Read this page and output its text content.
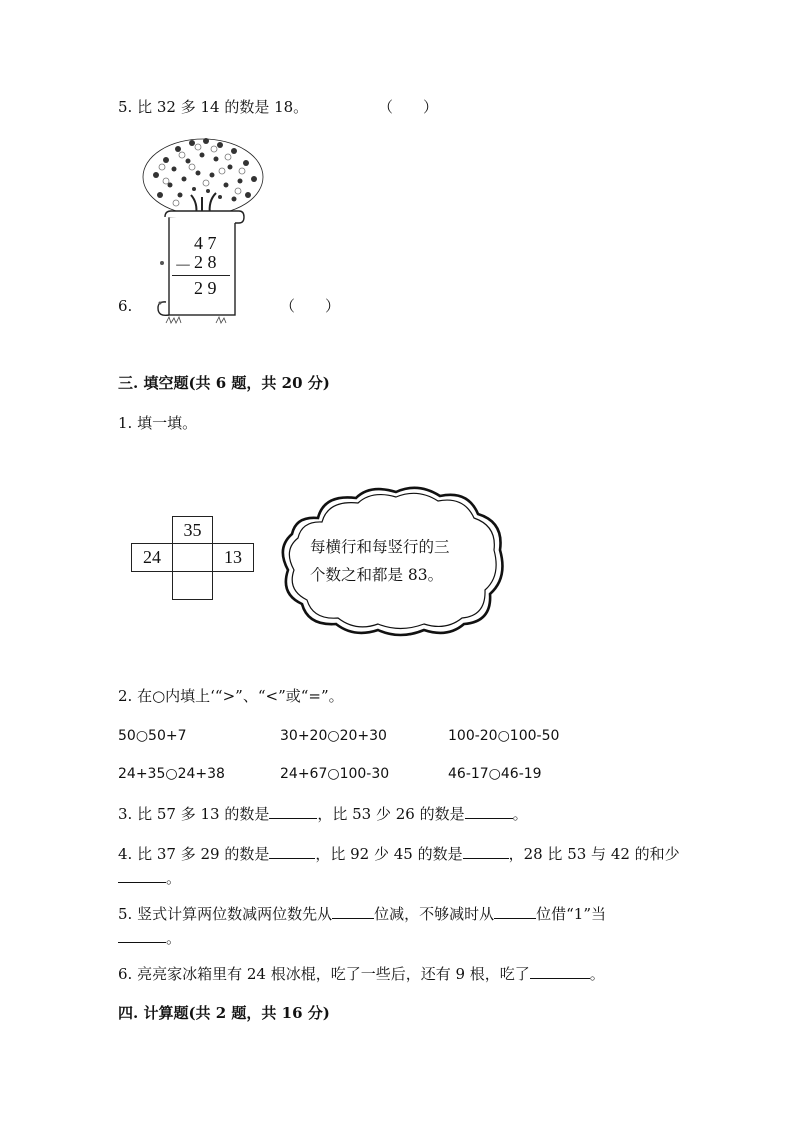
5. 比 32 多 14 的数是 18。	（　　）
6.
4 7
－ 2 8
2 9
（　　）
三. 填空题(共 6 题，共 20 分)
1. 填一填。
35
24	13	每横行和每竖行的三
个数之和都是 83。
2. 在○内填上‘“>”、“<”或“=”。
50○50+7	30+20○20+30	100-20○100-50
24+35○24+38	24+67○100-30	46-17○46-19
3. 比 57 多 13 的数是	，比 53 少 26 的数是	。
4. 比 37 多 29 的数是	，比 92 少 45 的数是	，28 比 53 与 42 的和少
。
5. 竖式计算两位数减两位数先从	位减，不够减时从	位借“1”当
。
6. 亮亮家冰箱里有 24 根冰棍，吃了一些后，还有 9 根，吃了	。
四. 计算题(共 2 题，共 16 分)
